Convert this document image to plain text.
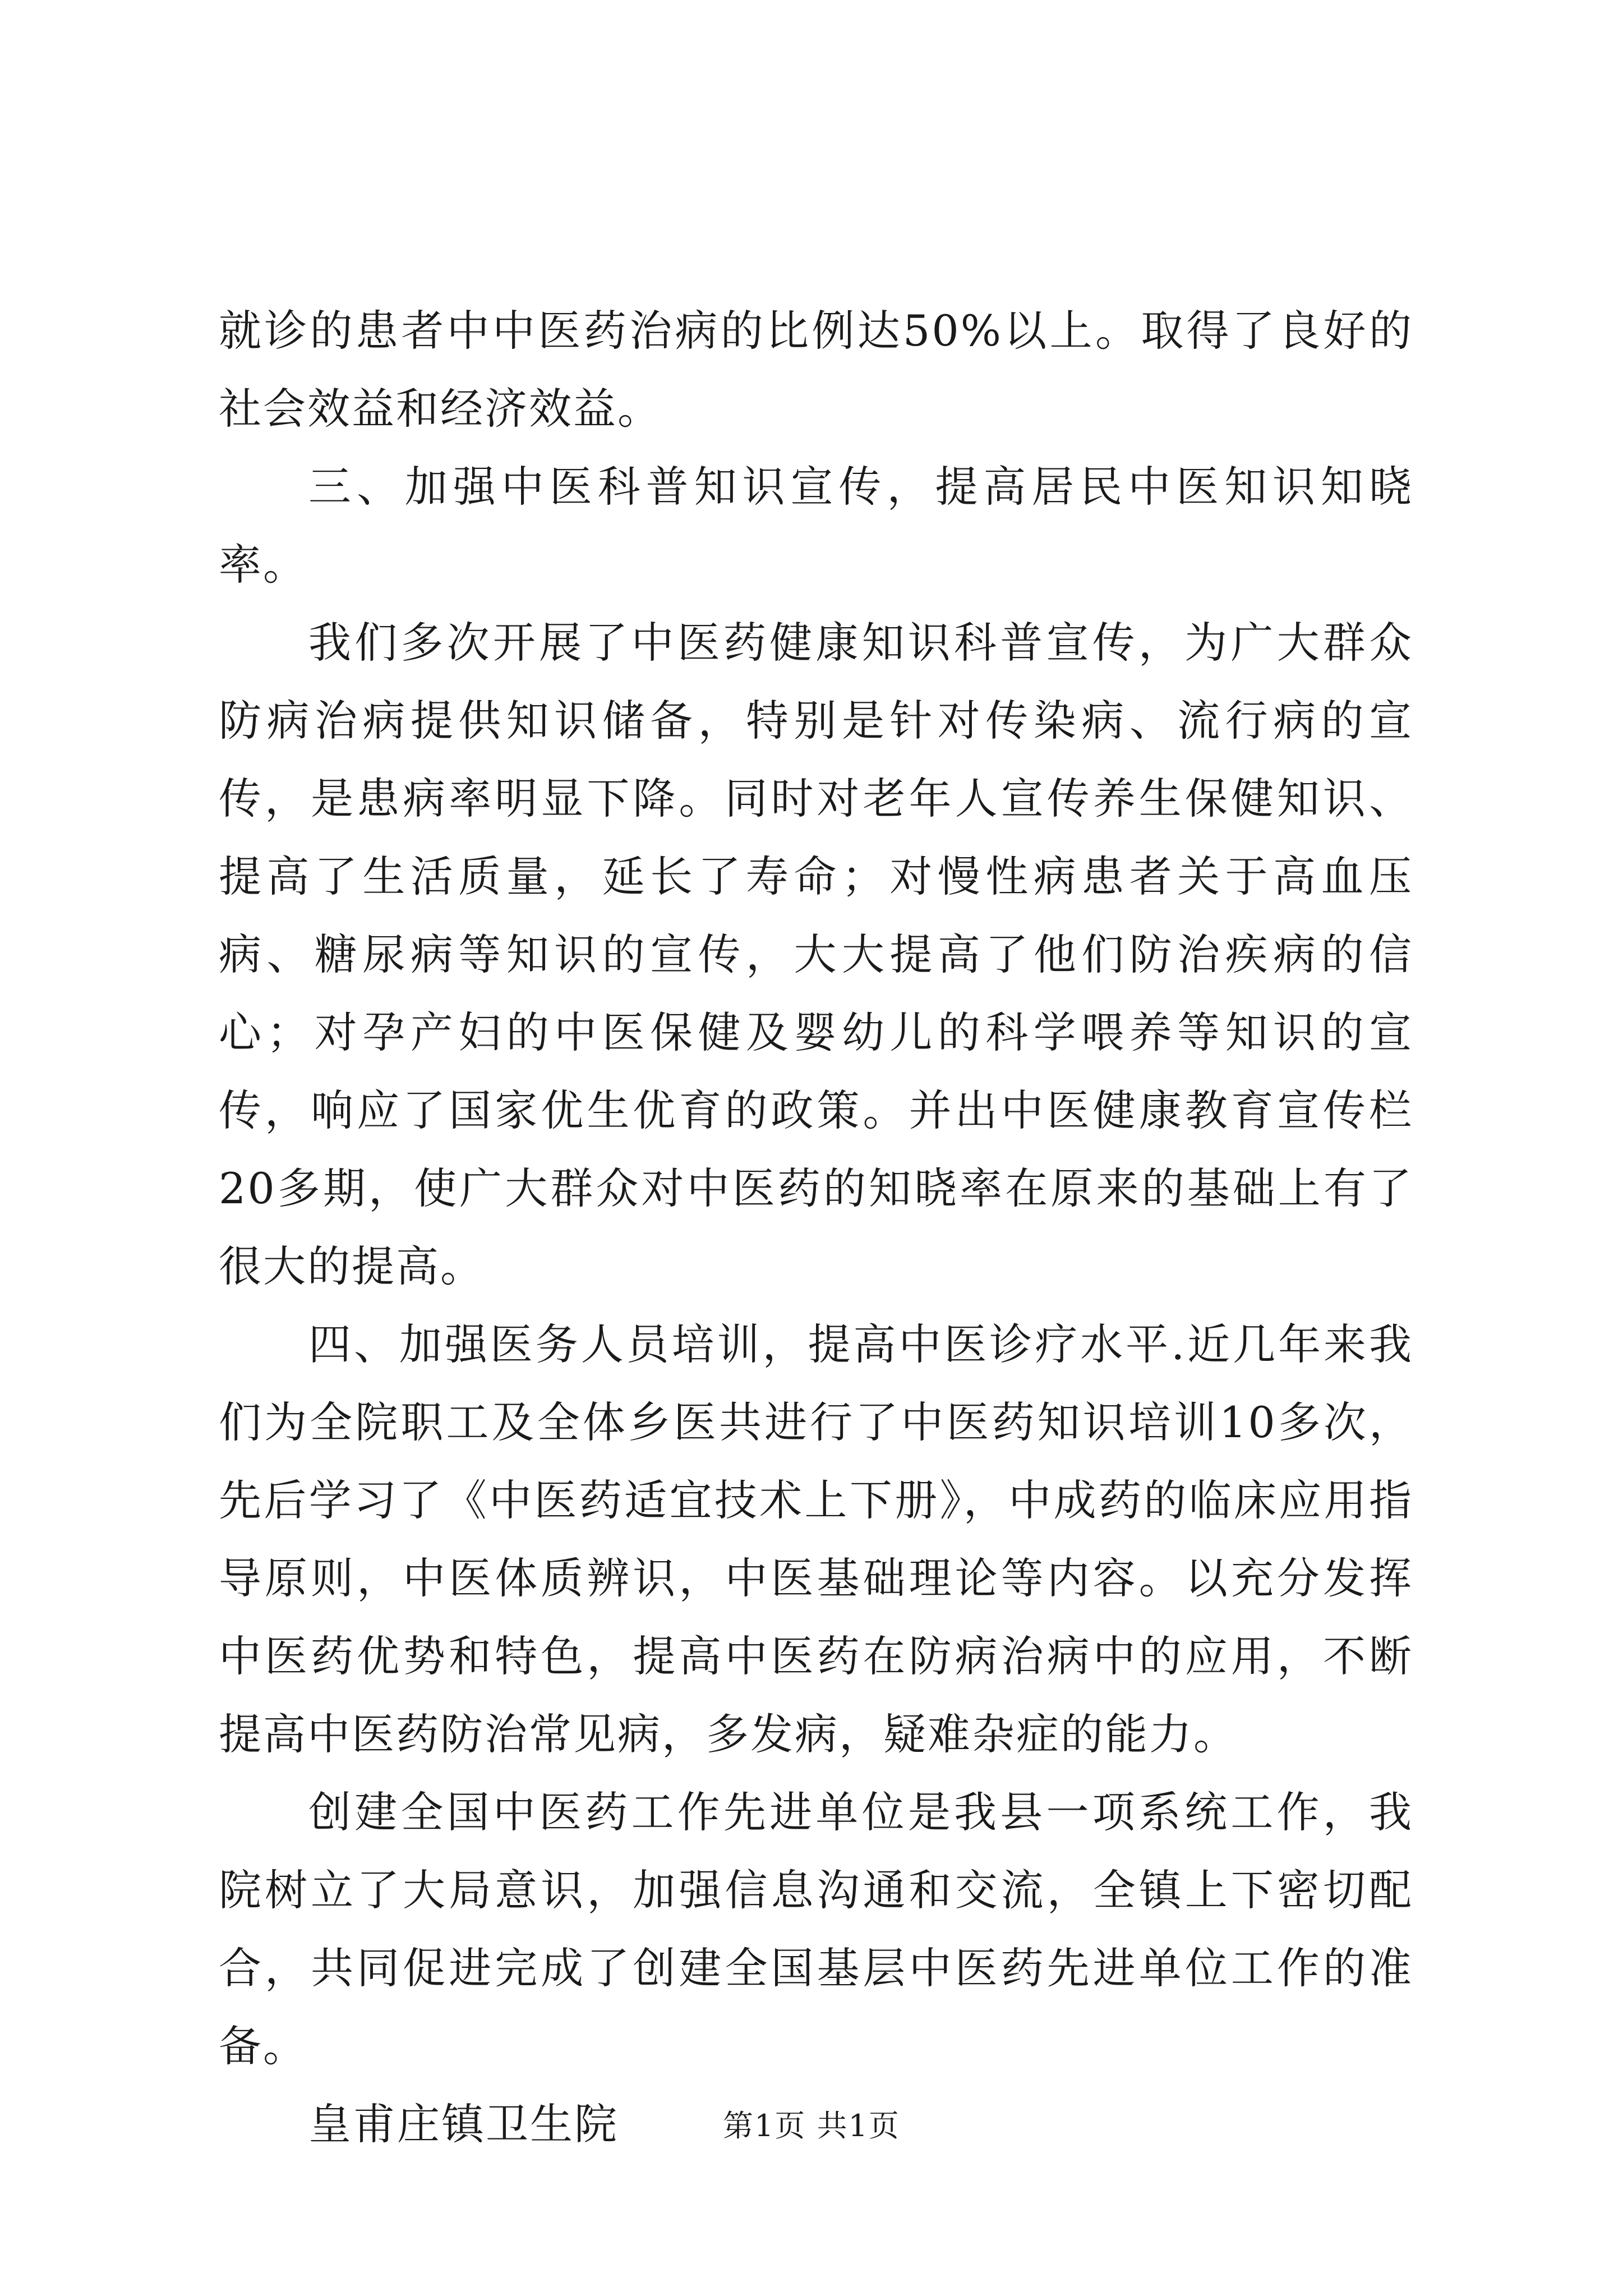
就诊的患者中中医药治病的比例达50%以上。取得了良好的社会效益和经济效益。

三、加强中医科普知识宣传，提高居民中医知识知晓率。

我们多次开展了中医药健康知识科普宣传，为广大群众防病治病提供知识储备，特别是针对传染病、流行病的宣传，是患病率明显下降。同时对老年人宣传养生保健知识、提高了生活质量，延长了寿命；对慢性病患者关于高血压病、糖尿病等知识的宣传，大大提高了他们防治疾病的信心；对孕产妇的中医保健及婴幼儿的科学喂养等知识的宣传，响应了国家优生优育的政策。并出中医健康教育宣传栏20多期，使广大群众对中医药的知晓率在原来的基础上有了很大的提高。

四、加强医务人员培训，提高中医诊疗水平.近几年来我们为全院职工及全体乡医共进行了中医药知识培训10多次，先后学习了《中医药适宜技术上下册》，中成药的临床应用指导原则，中医体质辨识，中医基础理论等内容。以充分发挥中医药优势和特色，提高中医药在防病治病中的应用，不断提高中医药防治常见病，多发病，疑难杂症的能力。

创建全国中医药工作先进单位是我县一项系统工作，我院树立了大局意识，加强信息沟通和交流，全镇上下密切配合，共同促进完成了创建全国基层中医药先进单位工作的准备。

皇甫庄镇卫生院	第1页 共1页
